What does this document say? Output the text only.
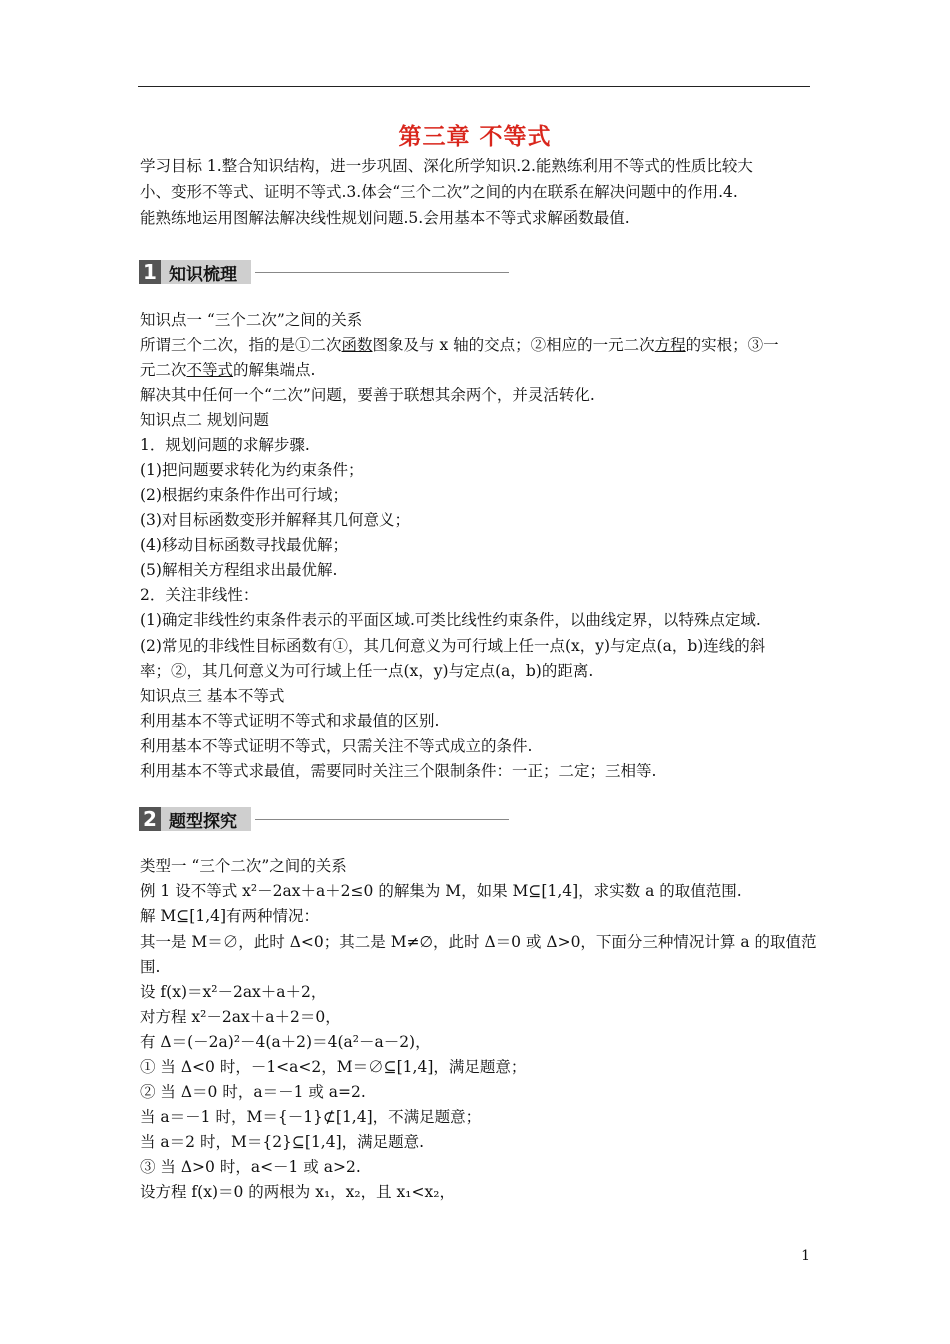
第三章 不等式
学习目标 1.整合知识结构，进一步巩固、深化所学知识.2.能熟练利用不等式的性质比较大
小、变形不等式、证明不等式.3.体会“三个二次”之间的内在联系在解决问题中的作用.4.
能熟练地运用图解法解决线性规划问题.5.会用基本不等式求解函数最值.
1 知识梳理
知识点一 “三个二次”之间的关系
所谓三个二次，指的是①二次函数图象及与 x 轴的交点；②相应的一元二次方程的实根；③一
元二次不等式的解集端点.
解决其中任何一个“二次”问题，要善于联想其余两个，并灵活转化.
知识点二 规划问题
1．规划问题的求解步骤.
(1)把问题要求转化为约束条件；
(2)根据约束条件作出可行域；
(3)对目标函数变形并解释其几何意义；
(4)移动目标函数寻找最优解；
(5)解相关方程组求出最优解.
2．关注非线性：
(1)确定非线性约束条件表示的平面区域.可类比线性约束条件，以曲线定界，以特殊点定域.
(2)常见的非线性目标函数有①，其几何意义为可行域上任一点(x，y)与定点(a，b)连线的斜
率；②，其几何意义为可行域上任一点(x，y)与定点(a，b)的距离.
知识点三 基本不等式
利用基本不等式证明不等式和求最值的区别.
利用基本不等式证明不等式，只需关注不等式成立的条件.
利用基本不等式求最值，需要同时关注三个限制条件：一正；二定；三相等.
2 题型探究
类型一 “三个二次”之间的关系
例 1 设不等式 x²－2ax＋a＋2≤0 的解集为 M，如果 M⊆[1,4]，求实数 a 的取值范围.
解 M⊆[1,4]有两种情况：
其一是 M＝∅，此时 Δ<0；其二是 M≠∅，此时 Δ＝0 或 Δ>0，下面分三种情况计算 a 的取值范
围.
设 f(x)＝x²－2ax＋a＋2，
对方程 x²－2ax＋a＋2＝0，
有 Δ＝(－2a)²－4(a＋2)＝4(a²－a－2)，
① 当 Δ<0 时，－1<a<2，M＝∅⊆[1,4]，满足题意；
② 当 Δ＝0 时，a＝－1 或 a=2.
当 a＝－1 时，M＝{－1}⊄[1,4]，不满足题意；
当 a＝2 时，M＝{2}⊆[1,4]，满足题意.
③ 当 Δ>0 时，a<－1 或 a>2.
设方程 f(x)＝0 的两根为 x₁，x₂，且 x₁<x₂，
1
